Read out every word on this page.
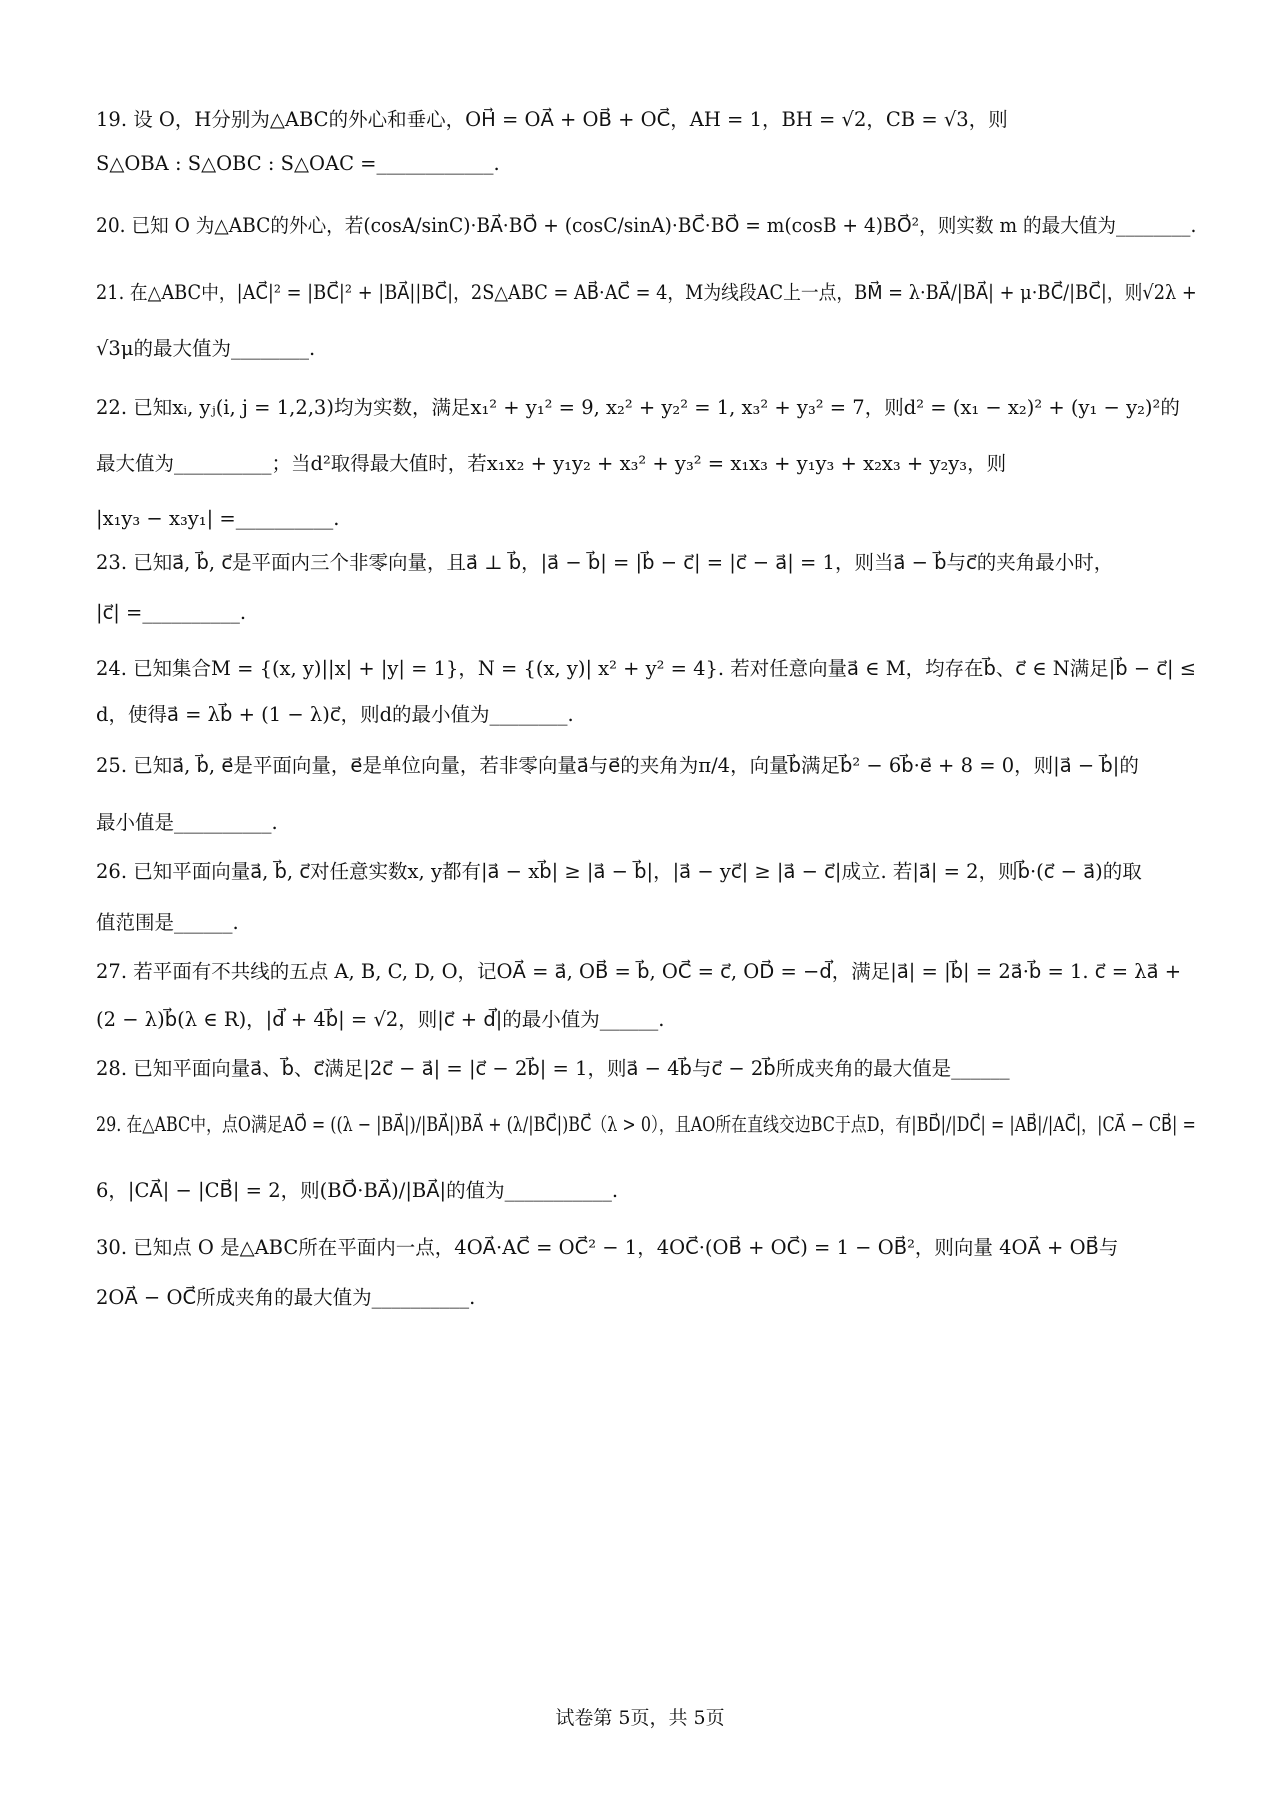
19. 设 O，H分别为△ABC的外心和垂心，OH⃗ = OA⃗ + OB⃗ + OC⃗，AH = 1，BH = √2，CB = √3，则
S△OBA : S△OBC : S△OAC =____________.
20. 已知 O 为△ABC的外心，若(cosA/sinC)·BA⃗·BO⃗ + (cosC/sinA)·BC⃗·BO⃗ = m(cosB + 4)BO⃗²，则实数 m 的最大值为________.
21. 在△ABC中，|AC⃗|² = |BC⃗|² + |BA⃗||BC⃗|，2S△ABC = AB⃗·AC⃗ = 4，M为线段AC上一点，BM⃗ = λ·BA⃗/|BA⃗| + μ·BC⃗/|BC⃗|，则√2λ +
√3μ的最大值为________.
22. 已知xᵢ, yⱼ(i, j = 1,2,3)均为实数，满足x₁² + y₁² = 9, x₂² + y₂² = 1, x₃² + y₃² = 7，则d² = (x₁ − x₂)² + (y₁ − y₂)²的
最大值为__________；当d²取得最大值时，若x₁x₂ + y₁y₂ + x₃² + y₃² = x₁x₃ + y₁y₃ + x₂x₃ + y₂y₃，则
|x₁y₃ − x₃y₁| =__________.
23. 已知a⃗, b⃗, c⃗是平面内三个非零向量，且a⃗ ⊥ b⃗，|a⃗ − b⃗| = |b⃗ − c⃗| = |c⃗ − a⃗| = 1，则当a⃗ − b⃗与c⃗的夹角最小时，
|c⃗| =__________.
24. 已知集合M = {(x, y)||x| + |y| = 1}，N = {(x, y)| x² + y² = 4}. 若对任意向量a⃗ ∈ M，均存在b⃗、c⃗ ∈ N满足|b⃗ − c⃗| ≤
d，使得a⃗ = λb⃗ + (1 − λ)c⃗，则d的最小值为________.
25. 已知a⃗, b⃗, e⃗是平面向量，e⃗是单位向量，若非零向量a⃗与e⃗的夹角为π/4，向量b⃗满足b⃗² − 6b⃗·e⃗ + 8 = 0，则|a⃗ − b⃗|的
最小值是__________.
26. 已知平面向量a⃗, b⃗, c⃗对任意实数x, y都有|a⃗ − xb⃗| ≥ |a⃗ − b⃗|，|a⃗ − yc⃗| ≥ |a⃗ − c⃗|成立. 若|a⃗| = 2，则b⃗·(c⃗ − a⃗)的取
值范围是______.
27. 若平面有不共线的五点 A, B, C, D, O，记OA⃗ = a⃗, OB⃗ = b⃗, OC⃗ = c⃗, OD⃗ = −d⃗，满足|a⃗| = |b⃗| = 2a⃗·b⃗ = 1. c⃗ = λa⃗ +
(2 − λ)b⃗(λ ∈ R)，|d⃗ + 4b⃗| = √2，则|c⃗ + d⃗|的最小值为______.
28. 已知平面向量a⃗、b⃗、c⃗满足|2c⃗ − a⃗| = |c⃗ − 2b⃗| = 1，则a⃗ − 4b⃗与c⃗ − 2b⃗所成夹角的最大值是______
29. 在△ABC中，点O满足AO⃗ = ((λ − |BA⃗|)/|BA⃗|)BA⃗ + (λ/|BC⃗|)BC⃗（λ > 0），且AO所在直线交边BC于点D，有|BD⃗|/|DC⃗| = |AB⃗|/|AC⃗|，|CA⃗ − CB⃗| =
6，|CA⃗| − |CB⃗| = 2，则(BO⃗·BA⃗)/|BA⃗|的值为___________.
30. 已知点 O 是△ABC所在平面内一点，4OA⃗·AC⃗ = OC⃗² − 1，4OC⃗·(OB⃗ + OC⃗) = 1 − OB⃗²，则向量 4OA⃗ + OB⃗与
2OA⃗ − OC⃗所成夹角的最大值为__________.
试卷第 5页，共 5页
